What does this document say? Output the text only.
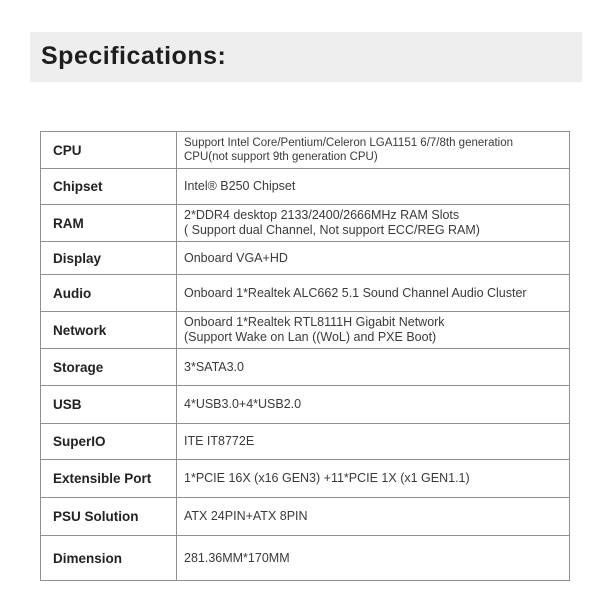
Specifications:
CPU	Support Intel Core/Pentium/Celeron LGA1151 6/7/8th generation
CPU(not support 9th generation CPU)

Chipset	Intel® B250 Chipset

RAM	2*DDR4 desktop 2133/2400/2666MHz RAM Slots
( Support dual Channel, Not support ECC/REG RAM)

Display	Onboard VGA+HD

Audio	Onboard 1*Realtek ALC662 5.1 Sound Channel Audio Cluster

Network	Onboard 1*Realtek RTL8111H Gigabit Network
(Support Wake on Lan ((WoL) and PXE Boot)

Storage	3*SATA3.0

USB	4*USB3.0+4*USB2.0

SuperIO	ITE IT8772E

Extensible Port	1*PCIE 16X (x16 GEN3) +11*PCIE 1X (x1 GEN1.1)

PSU Solution	ATX 24PIN+ATX 8PIN

Dimension	281.36MM*170MM
